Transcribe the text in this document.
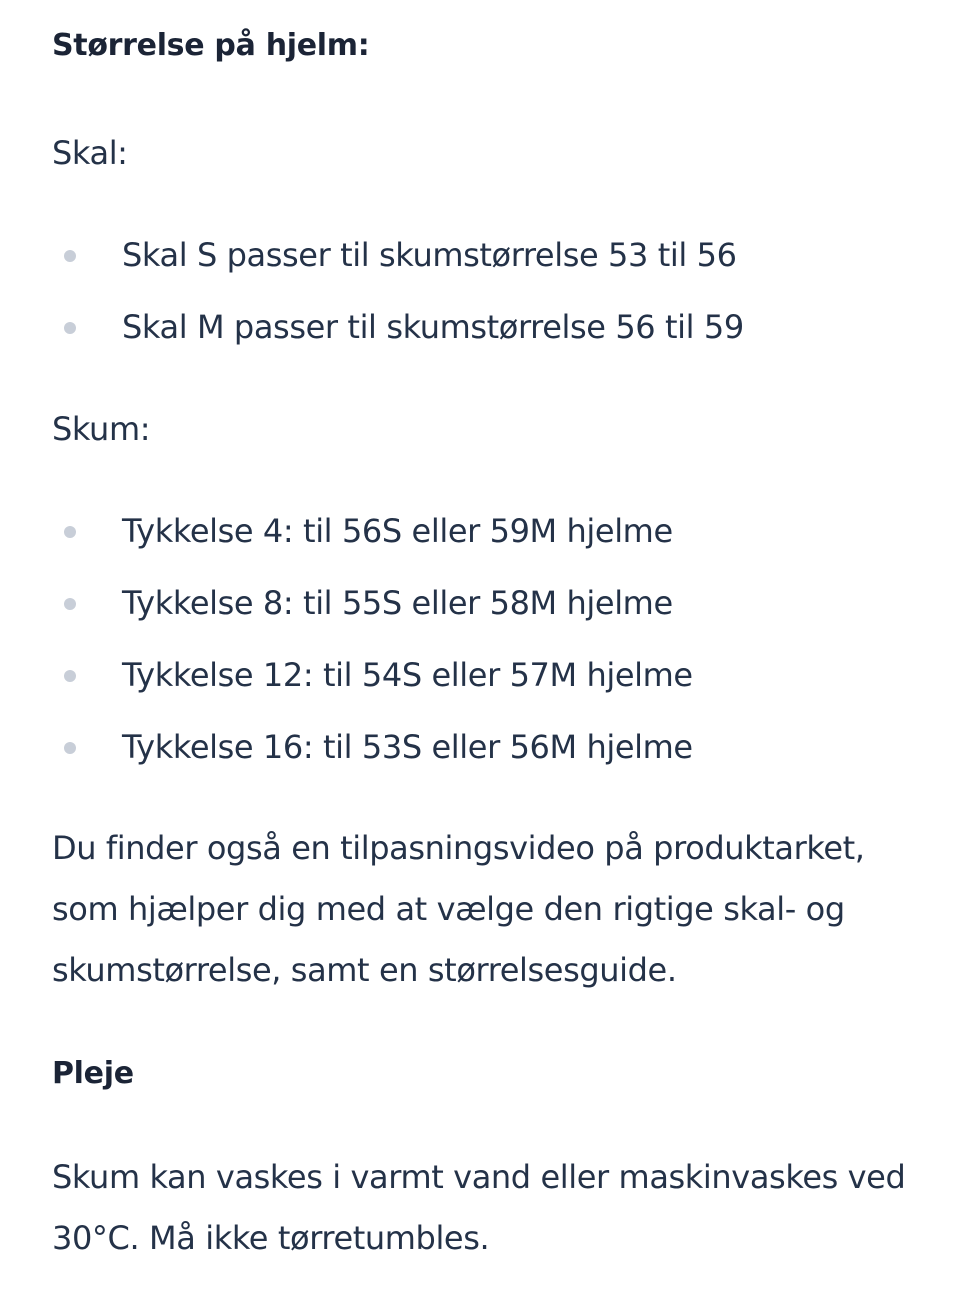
Størrelse på hjelm:
Skal:
Skal S passer til skumstørrelse 53 til 56
Skal M passer til skumstørrelse 56 til 59
Skum:
Tykkelse 4: til 56S eller 59M hjelme
Tykkelse 8: til 55S eller 58M hjelme
Tykkelse 12: til 54S eller 57M hjelme
Tykkelse 16: til 53S eller 56M hjelme
Du finder også en tilpasningsvideo på produktarket,
som hjælper dig med at vælge den rigtige skal- og
skumstørrelse, samt en størrelsesguide.
Pleje
Skum kan vaskes i varmt vand eller maskinvaskes ved
30°C. Må ikke tørretumbles.
